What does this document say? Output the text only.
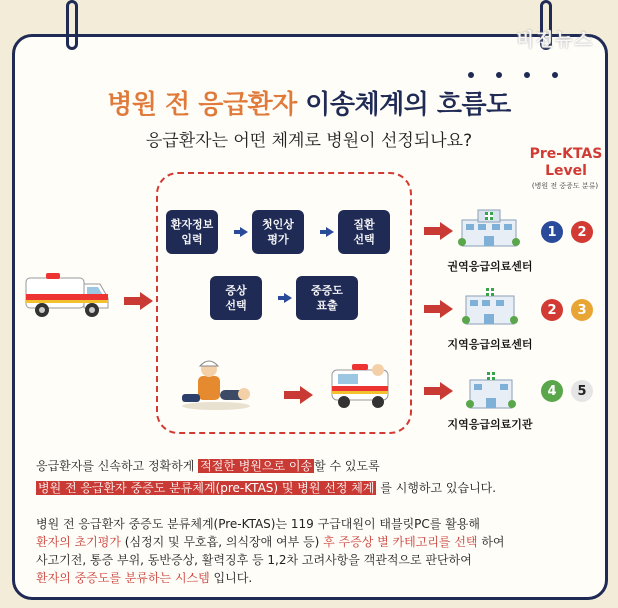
비전뉴스
병원 전 응급환자 이송체계의 흐름도
응급환자는 어떤 체계로 병원이 선정되나요?
Pre-KTAS
Level
(병원 전 중증도 분류)
환자정보
입력
첫인상
평가
질환
선택
증상
선택
중증도
표출
권역응급의료센터
1	2
지역응급의료센터
2	3
지역응급의료기관
4	5
응급환자를 신속하고 정확하게 적절한 병원으로 이송 할 수 있도록
병원 전 응급환자 중증도 분류체계(pre-KTAS) 및 병원 선정 체계 를 시행하고 있습니다.
병원 전 응급환자 중증도 분류체계(Pre-KTAS)는 119 구급대원이 태블릿PC를 활용해
환자의 초기평가 (심정지 및 무호흡, 의식장애 여부 등) 후 주증상 별 카테고리를 선택 하여
사고기전, 통증 부위, 동반증상, 활력징후 등 1,2차 고려사항을 객관적으로 판단하여
환자의 중증도를 분류하는 시스템 입니다.
